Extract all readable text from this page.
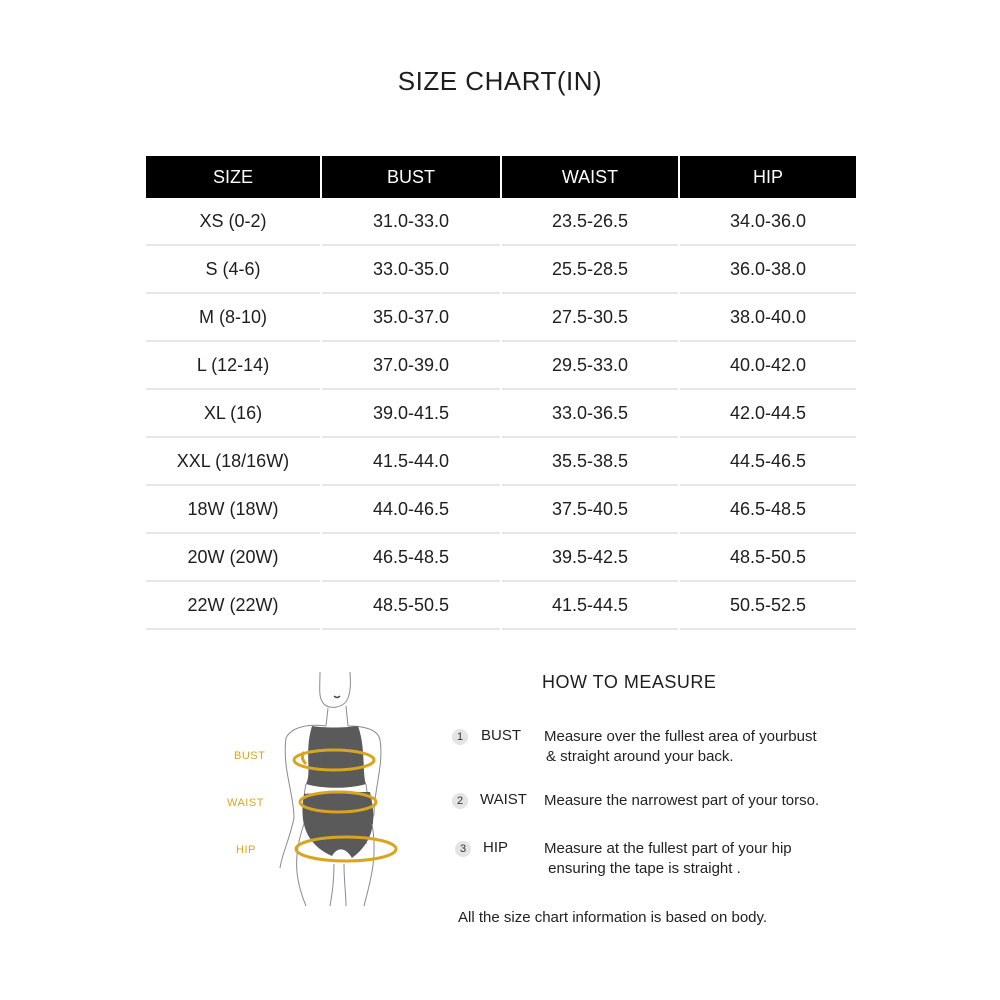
SIZE CHART(IN)
SIZE	BUST	WAIST	HIP
XS (0-2)	31.0-33.0	23.5-26.5	34.0-36.0
S (4-6)	33.0-35.0	25.5-28.5	36.0-38.0
M (8-10)	35.0-37.0	27.5-30.5	38.0-40.0
L (12-14)	37.0-39.0	29.5-33.0	40.0-42.0
XL (16)	39.0-41.5	33.0-36.5	42.0-44.5
XXL (18/16W)	41.5-44.0	35.5-38.5	44.5-46.5
18W (18W)	44.0-46.5	37.5-40.5	46.5-48.5
20W (20W)	46.5-48.5	39.5-42.5	48.5-50.5
22W (22W)	48.5-50.5	41.5-44.5	50.5-52.5
BUST
WAIST
HIP
HOW TO MEASURE
1	BUST Measure over the fullest area of yourbust
& straight around your back.
2	WAIST Measure the narrowest part of your torso.
3	HIP Measure at the fullest part of your hip
ensuring the tape is straight .
All the size chart information is based on body.
